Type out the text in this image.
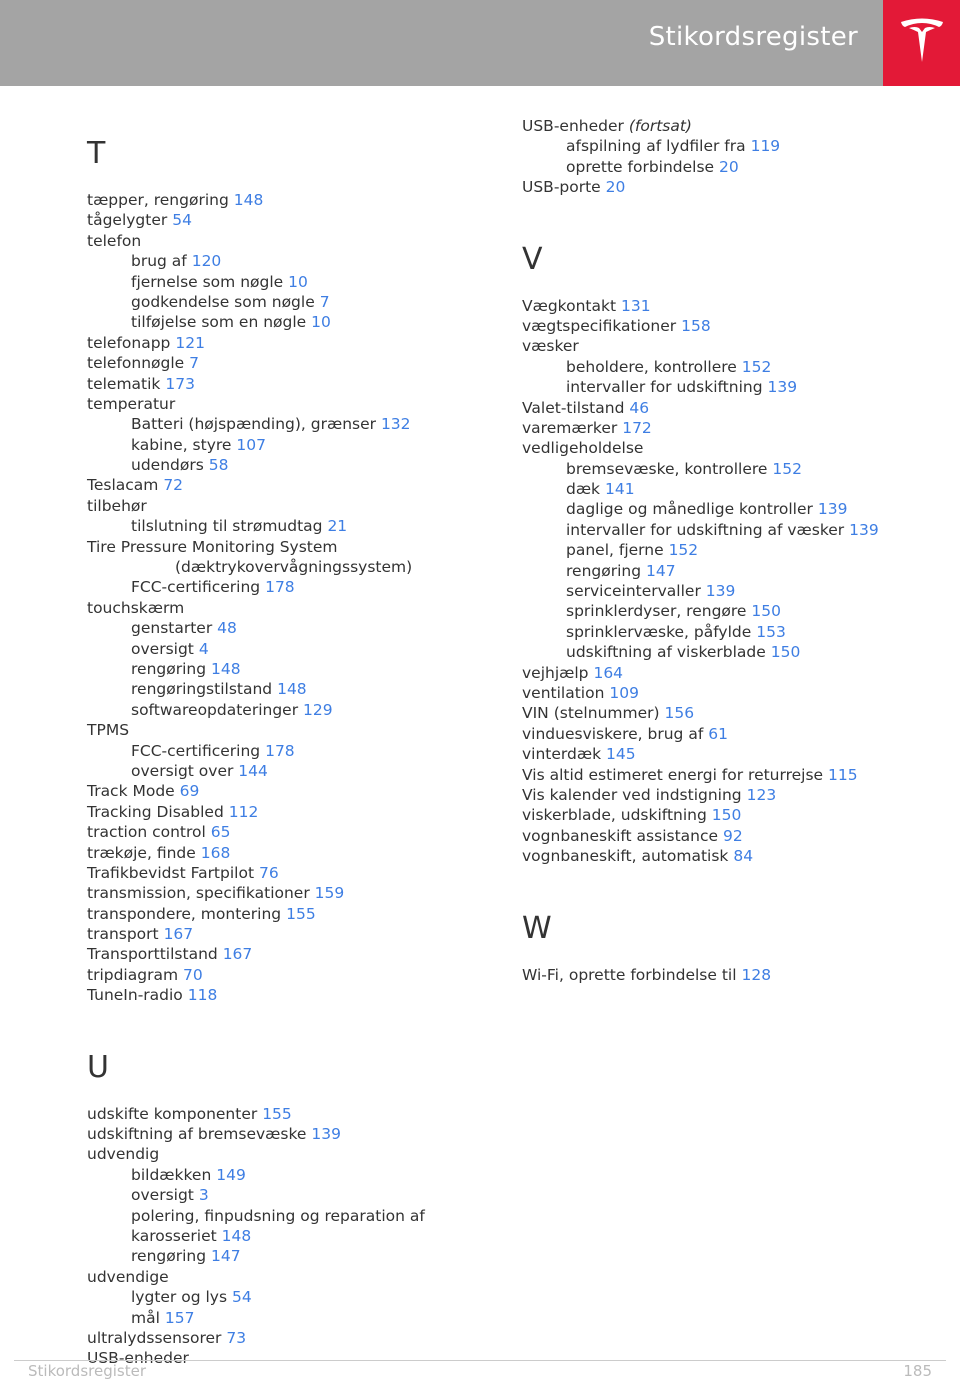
Stikordsregister
T
tæpper, rengøring 148
tågelygter 54
telefon
brug af 120
fjernelse som nøgle 10
godkendelse som nøgle 7
tilføjelse som en nøgle 10
telefonapp 121
telefonnøgle 7
telematik 173
temperatur
Batteri (højspænding), grænser 132
kabine, styre 107
udendørs 58
Teslacam 72
tilbehør
tilslutning til strømudtag 21
Tire Pressure Monitoring System
(dæktrykovervågningssystem)
FCC-certificering 178
touchskærm
genstarter 48
oversigt 4
rengøring 148
rengøringstilstand 148
softwareopdateringer 129
TPMS
FCC-certificering 178
oversigt over 144
Track Mode 69
Tracking Disabled 112
traction control 65
trækøje, finde 168
Trafikbevidst Fartpilot 76
transmission, specifikationer 159
transpondere, montering 155
transport 167
Transporttilstand 167
tripdiagram 70
TuneIn-radio 118
U
udskifte komponenter 155
udskiftning af bremsevæske 139
udvendig
bildækken 149
oversigt 3
polering, finpudsning og reparation af
karosseriet 148
rengøring 147
udvendige
lygter og lys 54
mål 157
ultralydssensorer 73
USB-enheder
USB-enheder (fortsat)
afspilning af lydfiler fra 119
oprette forbindelse 20
USB-porte 20
V
Vægkontakt 131
vægtspecifikationer 158
væsker
beholdere, kontrollere 152
intervaller for udskiftning 139
Valet-tilstand 46
varemærker 172
vedligeholdelse
bremsevæske, kontrollere 152
dæk 141
daglige og månedlige kontroller 139
intervaller for udskiftning af væsker 139
panel, fjerne 152
rengøring 147
serviceintervaller 139
sprinklerdyser, rengøre 150
sprinklervæske, påfylde 153
udskiftning af viskerblade 150
vejhjælp 164
ventilation 109
VIN (stelnummer) 156
vinduesviskere, brug af 61
vinterdæk 145
Vis altid estimeret energi for returrejse 115
Vis kalender ved indstigning 123
viskerblade, udskiftning 150
vognbaneskift assistance 92
vognbaneskift, automatisk 84
W
Wi-Fi, oprette forbindelse til 128
Stikordsregister	185
